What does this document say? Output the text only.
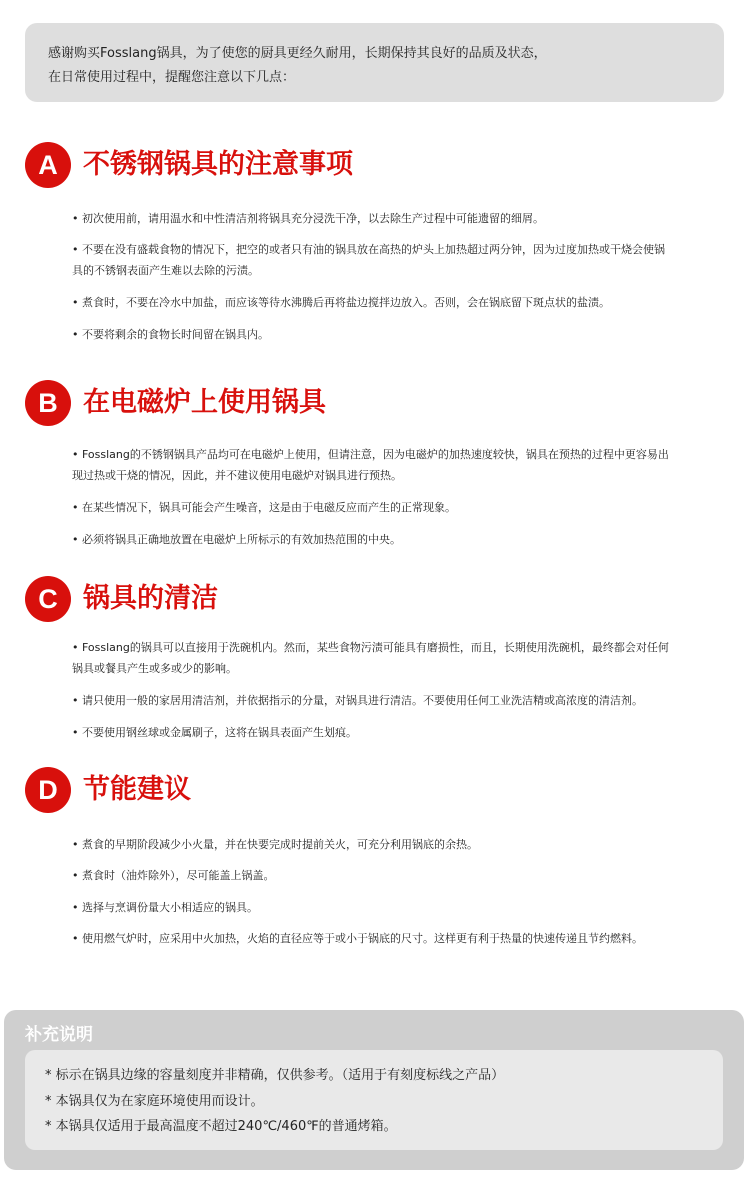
感谢购买Fosslang锅具，为了使您的厨具更经久耐用，长期保持其良好的品质及状态，
在日常使用过程中，提醒您注意以下几点：
A 不锈钢锅具的注意事项
• 初次使用前，请用温水和中性清洁剂将锅具充分浸洗干净，以去除生产过程中可能遗留的细屑。
• 不要在没有盛载食物的情况下，把空的或者只有油的锅具放在高热的炉头上加热超过两分钟，因为过度加热或干烧会使锅
具的不锈钢表面产生难以去除的污渍。
• 煮食时，不要在冷水中加盐，而应该等待水沸腾后再将盐边搅拌边放入。否则，会在锅底留下斑点状的盐渍。
• 不要将剩余的食物长时间留在锅具内。
B 在电磁炉上使用锅具
• Fosslang的不锈钢锅具产品均可在电磁炉上使用，但请注意，因为电磁炉的加热速度较快，锅具在预热的过程中更容易出
现过热或干烧的情况，因此，并不建议使用电磁炉对锅具进行预热。
• 在某些情况下，锅具可能会产生噪音，这是由于电磁反应而产生的正常现象。
• 必须将锅具正确地放置在电磁炉上所标示的有效加热范围的中央。
C 锅具的清洁
• Fosslang的锅具可以直接用于洗碗机内。然而，某些食物污渍可能具有磨损性，而且，长期使用洗碗机，最终都会对任何
锅具或餐具产生或多或少的影响。
• 请只使用一般的家居用清洁剂，并依据指示的分量，对锅具进行清洁。不要使用任何工业洗洁精或高浓度的清洁剂。
• 不要使用钢丝球或金属刷子，这将在锅具表面产生划痕。
D 节能建议
• 煮食的早期阶段减少小火量，并在快要完成时提前关火，可充分利用锅底的余热。
• 煮食时（油炸除外），尽可能盖上锅盖。
• 选择与烹调份量大小相适应的锅具。
• 使用燃气炉时，应采用中火加热，火焰的直径应等于或小于锅底的尺寸。这样更有利于热量的快速传递且节约燃料。
补充说明
* 标示在锅具边缘的容量刻度并非精确，仅供参考。（适用于有刻度标线之产品）
* 本锅具仅为在家庭环境使用而设计。
* 本锅具仅适用于最高温度不超过240℃/460℉的普通烤箱。
